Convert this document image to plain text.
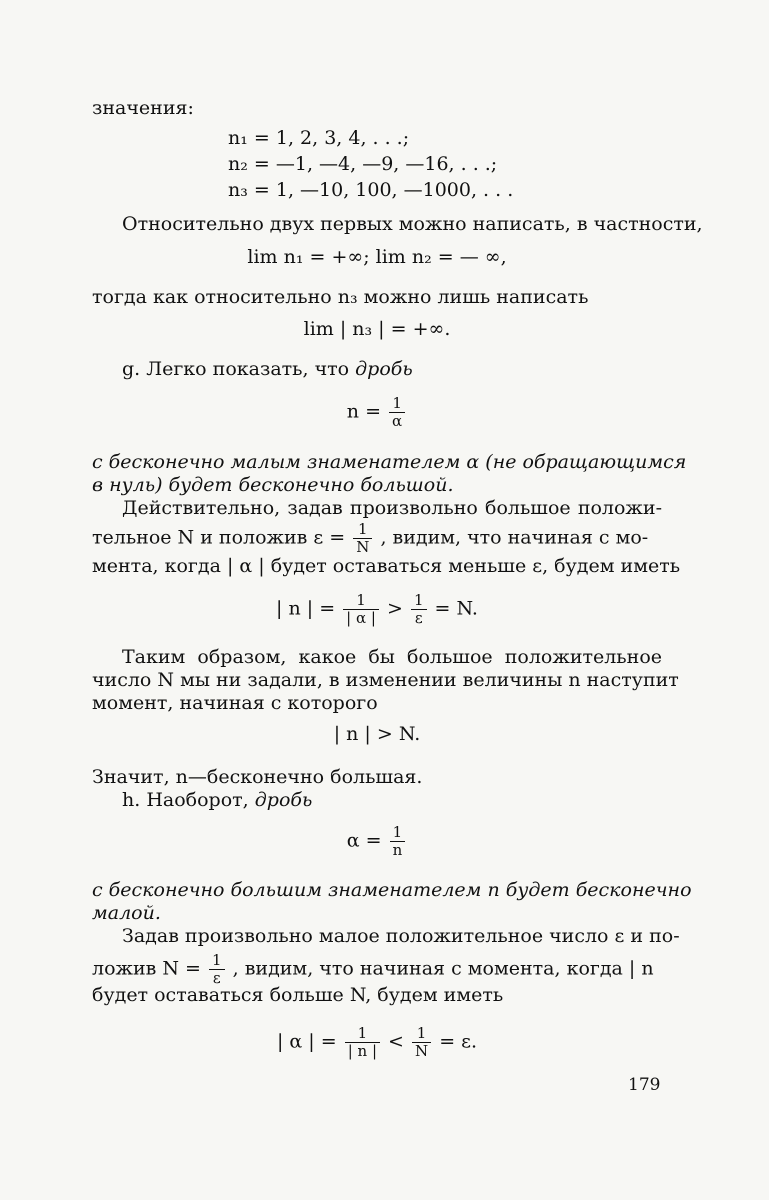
значения:
n₁ = 1, 2, 3, 4, . . .;
n₂ = —1, —4, —9, —16, . . .;
n₃ = 1, —10, 100, —1000, . . .
Относительно двух первых можно написать, в частности,
lim n₁ = +∞; lim n₂ = — ∞,
тогда как относительно n₃ можно лишь написать
lim | n₃ | = +∞.
g. Легко показать, что дробь
$n = \frac{1}{\alpha}$
с бесконечно малым знаменателем α (не обращающимся
в нуль) будет бесконечно большой.
Действительно, задав произвольно большое положи-
тельное N и положив $\varepsilon = \frac{1}{N}$ , видим, что начиная с мо-
мента, когда | α | будет оставаться меньше ε, будем иметь
| n | = $\frac{1}{| \alpha |} > \frac{1}{\varepsilon} = N$.
Таким образом, какое бы большое положительное
число N мы ни задали, в изменении величины n наступит
момент, начиная с которого
| n | > N.
Значит, n—бесконечно большая.
h. Наоборот, дробь
$\alpha = \frac{1}{n}$
с бесконечно большим знаменателем n будет бесконечно
малой.
Задав произвольно малое положительное число ε и по-
ложив $N = \frac{1}{\varepsilon}$ , видим, что начиная с момента, когда | n
будет оставаться больше N, будем иметь
| α | = $\frac{1}{| n |} < \frac{1}{N} = \varepsilon$.
179
